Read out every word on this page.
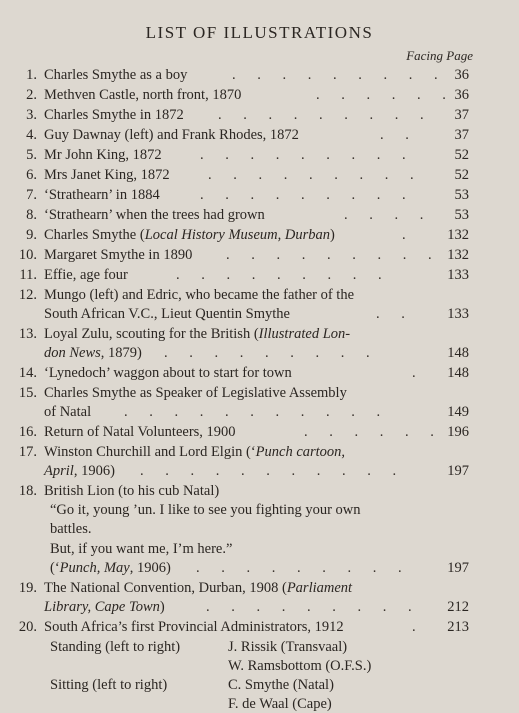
LIST OF ILLUSTRATIONS
Facing Page
1. Charles Smythe as a boy	. . . . . . . . . 36
2. Methven Castle, north front, 1870	. . . . . . 36
3. Charles Smythe in 1872 . . . . . . . . . 37
4. Guy Dawnay (left) and Frank Rhodes, 1872	. .	37
5. Mr John King, 1872	. . . . . . . . .	52
6. Mrs Janet King, 1872	. . . . . . . . . 52
7. ‘Strathearn’ in 1884	. . . . . . . . .	53
8. ‘Strathearn’ when the trees had grown	. . . . 53
9. Charles Smythe (Local History Museum, Durban)	. 132
10. Margaret Smythe in 1890 . . . . . . . . . 132
11. Effie, age four	. . . . . . . . .	133
12. Mungo (left) and Edric, who became the father of the
South African V.C., Lieut Quentin Smythe	. . 133
13. Loyal Zulu, scouting for the British (Illustrated Lon-
don News, 1879) . . . . . . . . .	148
14. ‘Lynedoch’ waggon about to start for town	. 148
15. Charles Smythe as Speaker of Legislative Assembly
of Natal . . . . . . . . . . .	149
16. Return of Natal Volunteers, 1900	. . . . . . 196
17. Winston Churchill and Lord Elgin (‘Punch cartoon,
April, 1906) . . . . . . . . . . .	197
18. British Lion (to his cub Natal)
“Go it, young ’un. I like to see you fighting your own
battles.
But, if you want me, I’m here.”
(‘Punch, May, 1906) . . . . . . . . .	197
19. The National Convention, Durban, 1908 (Parliament
Library, Cape Town)	. . . . . . . . . 212
20. South Africa’s first Provincial Administrators, 1912	. 213
Standing (left to right)	J. Rissik (Transvaal)
W. Ramsbottom (O.F.S.)
Sitting (left to right)	C. Smythe (Natal)
F. de Waal (Cape)
